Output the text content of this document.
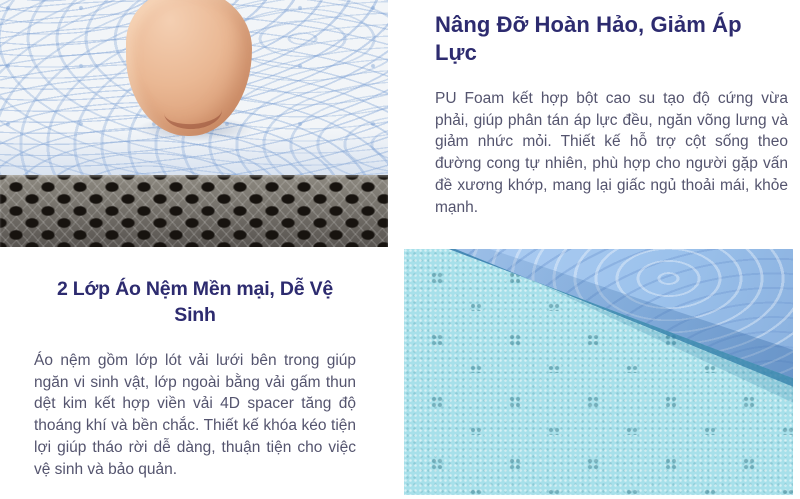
Nâng Đỡ Hoàn Hảo, Giảm Áp Lực

PU Foam kết hợp bột cao su tạo độ cứng vừa phải, giúp phân tán áp lực đều, ngăn võng lưng và giảm nhức mỏi. Thiết kế hỗ trợ cột sống theo đường cong tự nhiên, phù hợp cho người gặp vấn đề xương khớp, mang lại giấc ngủ thoải mái, khỏe mạnh.

2 Lớp Áo Nệm Mền mại, Dễ Vệ Sinh

Áo nệm gồm lớp lót vải lưới bên trong giúp ngăn vi sinh vật, lớp ngoài bằng vải gấm thun dệt kim kết hợp viền vải 4D spacer tăng độ thoáng khí và bền chắc. Thiết kế khóa kéo tiện lợi giúp tháo rời dễ dàng, thuận tiện cho việc vệ sinh và bảo quản.
